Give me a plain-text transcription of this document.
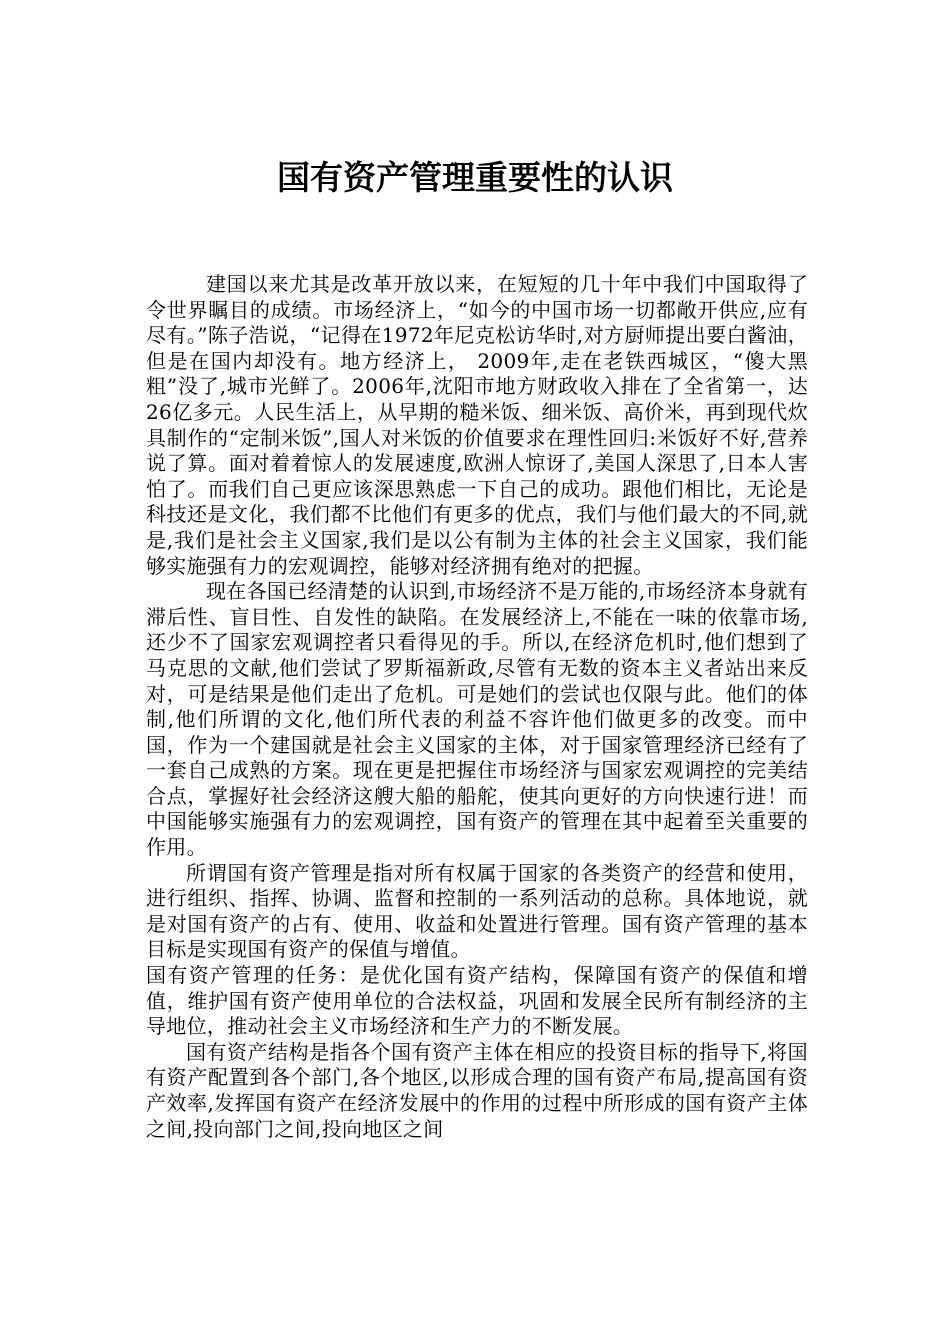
国有资产管理重要性的认识

建国以来尤其是改革开放以来，在短短的几十年中我们中国取得了令世界瞩目的成绩。市场经济上，“如今的中国市场一切都敞开供应,应有尽有。”陈子浩说，“记得在1972年尼克松访华时,对方厨师提出要白酱油，但是在国内却没有。地方经济上， 2009年,走在老铁西城区，“傻大黑粗”没了,城市光鲜了。2006年,沈阳市地方财政收入排在了全省第一，达26亿多元。人民生活上，从早期的糙米饭、细米饭、高价米，再到现代炊具制作的“定制米饭”,国人对米饭的价值要求在理性回归:米饭好不好,营养说了算。面对着着惊人的发展速度,欧洲人惊讶了,美国人深思了,日本人害怕了。而我们自己更应该深思熟虑一下自己的成功。跟他们相比，无论是科技还是文化，我们都不比他们有更多的优点，我们与他们最大的不同,就是,我们是社会主义国家,我们是以公有制为主体的社会主义国家，我们能够实施强有力的宏观调控，能够对经济拥有绝对的把握。

现在各国已经清楚的认识到,市场经济不是万能的,市场经济本身就有滞后性、盲目性、自发性的缺陷。在发展经济上,不能在一味的依靠市场,还少不了国家宏观调控者只看得见的手。所以,在经济危机时,他们想到了马克思的文献,他们尝试了罗斯福新政,尽管有无数的资本主义者站出来反对，可是结果是他们走出了危机。可是她们的尝试也仅限与此。他们的体制,他们所谓的文化,他们所代表的利益不容许他们做更多的改变。而中国，作为一个建国就是社会主义国家的主体，对于国家管理经济已经有了一套自己成熟的方案。现在更是把握住市场经济与国家宏观调控的完美结合点，掌握好社会经济这艘大船的船舵，使其向更好的方向快速行进！而中国能够实施强有力的宏观调控，国有资产的管理在其中起着至关重要的作用。

所谓国有资产管理是指对所有权属于国家的各类资产的经营和使用，进行组织、指挥、协调、监督和控制的一系列活动的总称。具体地说，就是对国有资产的占有、使用、收益和处置进行管理。国有资产管理的基本目标是实现国有资产的保值与增值。

国有资产管理的任务：是优化国有资产结构，保障国有资产的保值和增值，维护国有资产使用单位的合法权益，巩固和发展全民所有制经济的主导地位，推动社会主义市场经济和生产力的不断发展。

国有资产结构是指各个国有资产主体在相应的投资目标的指导下,将国有资产配置到各个部门,各个地区,以形成合理的国有资产布局,提高国有资产效率,发挥国有资产在经济发展中的作用的过程中所形成的国有资产主体之间,投向部门之间,投向地区之间
